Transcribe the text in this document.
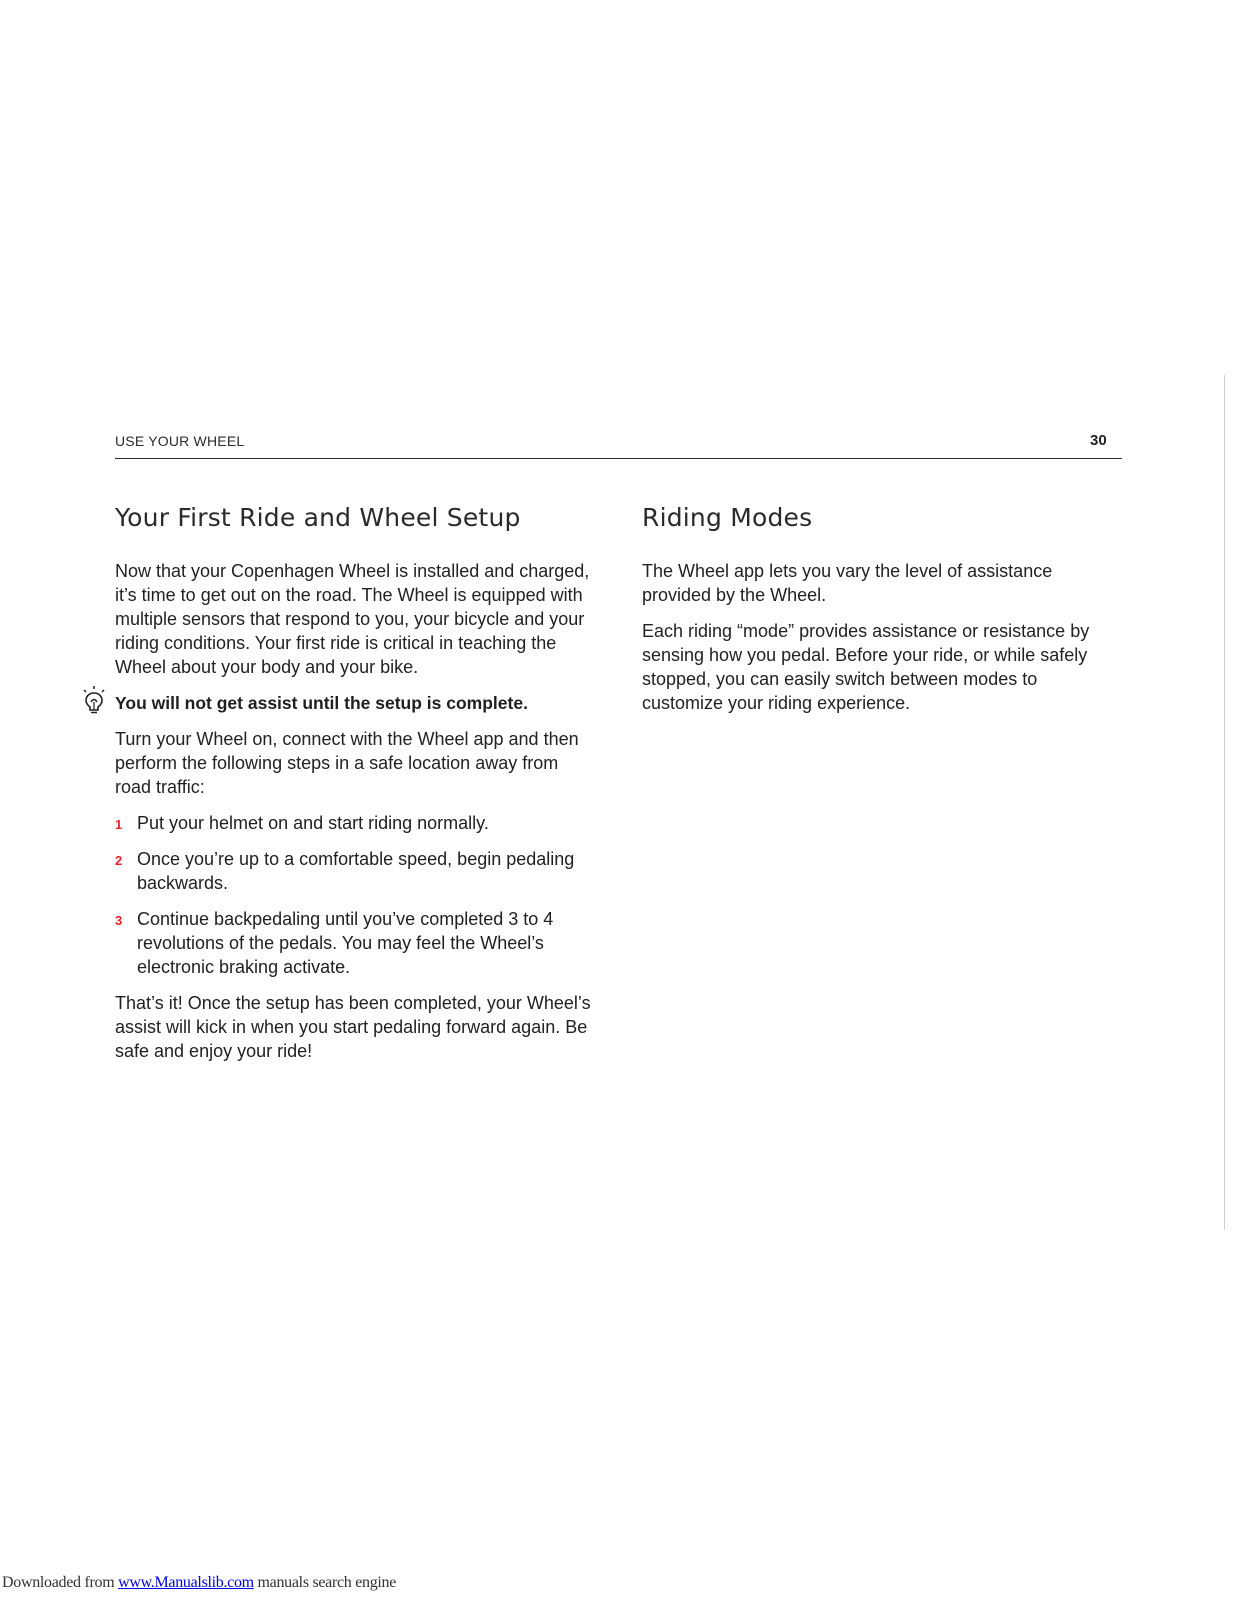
USE YOUR WHEEL	30
Your First Ride and Wheel Setup

Now that your Copenhagen Wheel is installed and charged, it’s time to get out on the road. The Wheel is equipped with multiple sensors that respond to you, your bicycle and your riding conditions. Your first ride is critical in teaching the Wheel about your body and your bike.

You will not get assist until the setup is complete.

Turn your Wheel on, connect with the Wheel app and then perform the following steps in a safe location away from road traffic:

1 Put your helmet on and start riding normally.
2 Once you’re up to a comfortable speed, begin pedaling backwards.
3 Continue backpedaling until you’ve completed 3 to 4 revolutions of the pedals. You may feel the Wheel’s electronic braking activate.

That’s it! Once the setup has been completed, your Wheel’s assist will kick in when you start pedaling forward again. Be safe and enjoy your ride!

Riding Modes

The Wheel app lets you vary the level of assistance provided by the Wheel.

Each riding “mode” provides assistance or resistance by sensing how you pedal. Before your ride, or while safely stopped, you can easily switch between modes to customize your riding experience.

Downloaded from www.Manualslib.com manuals search engine
